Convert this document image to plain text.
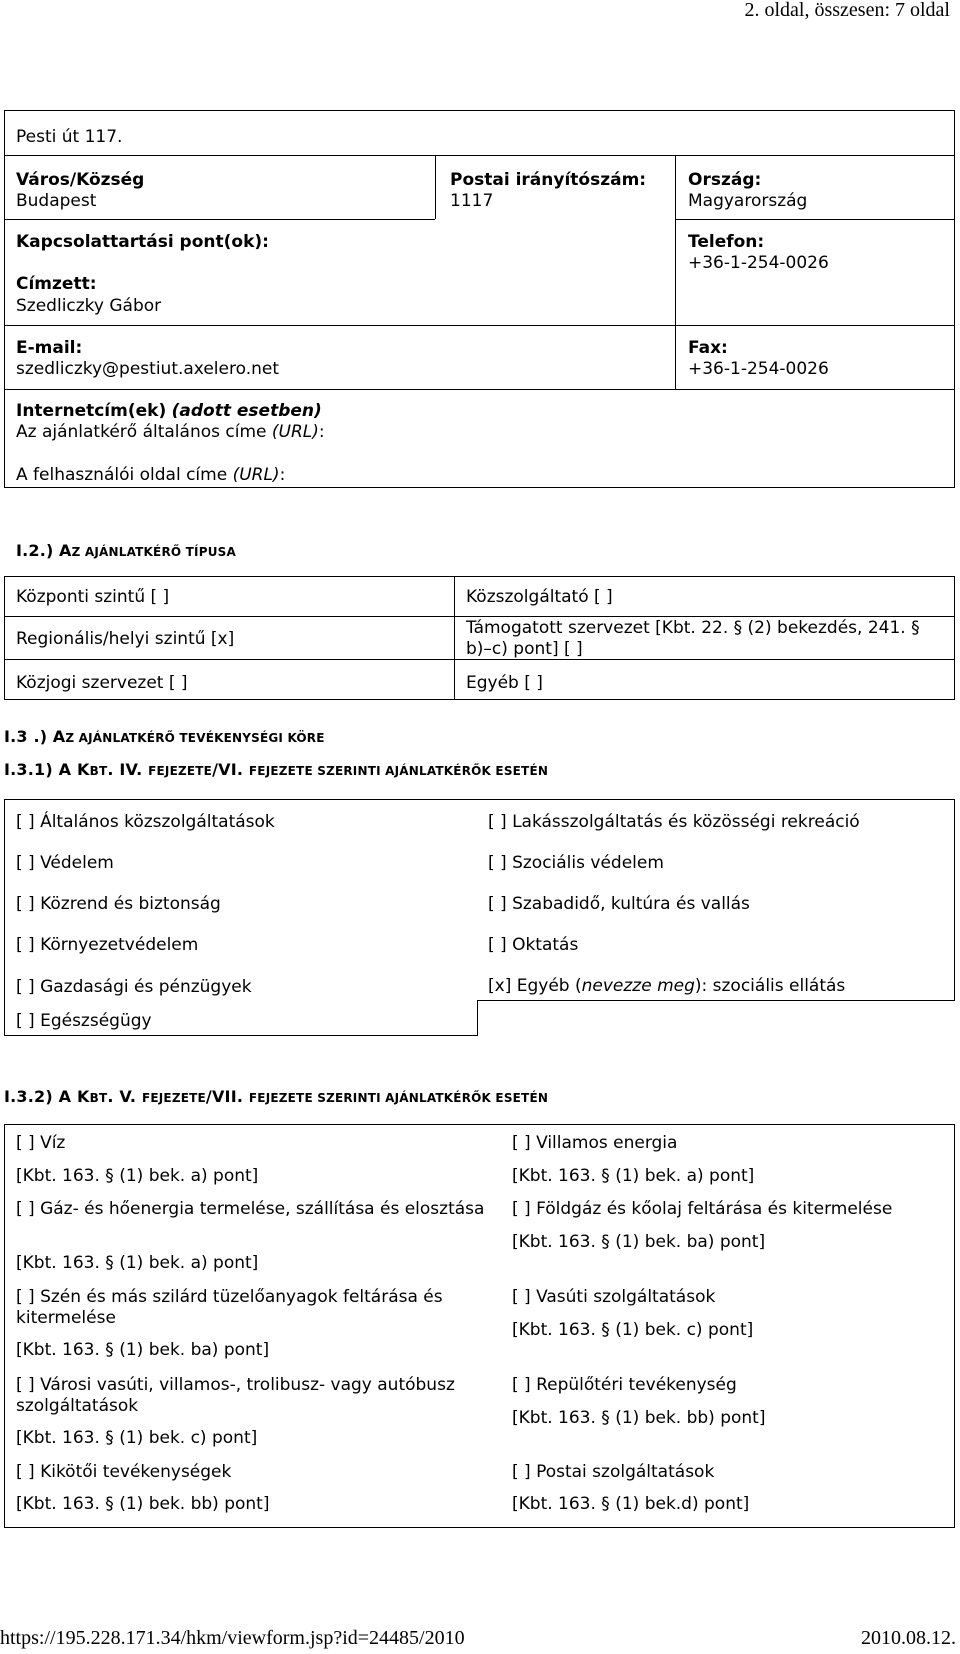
2. oldal, összesen: 7 oldal
Pesti út 117.
Város/Község
Budapest
Postai irányítószám:
1117
Ország:
Magyarország
Kapcsolattartási pont(ok):	Telefon:
+36-1-254-0026
Címzett:
Szedliczky Gábor
E-mail:
szedliczky@pestiut.axelero.net
Fax:
+36-1-254-0026
Internetcím(ek) (adott esetben)
Az ajánlatkérő általános címe (URL):
A felhasználói oldal címe (URL):
I.2.) AZ AJÁNLATKÉRŐ TÍPUSA
Központi szintű [ ]
Regionális/helyi szintű [x]
Közjogi szervezet [ ]
Közszolgáltató [ ]
Támogatott szervezet [Kbt. 22. § (2) bekezdés, 241. § b)–c) pont] [ ]
Egyéb [ ]
I.3 .) AZ AJÁNLATKÉRŐ TEVÉKENYSÉGI KÖRE
I.3.1) A KBT. IV. FEJEZETE/VI. FEJEZETE SZERINTI AJÁNLATKÉRŐK ESETÉN
[ ] Általános közszolgáltatások
[ ] Védelem
[ ] Közrend és biztonság
[ ] Környezetvédelem
[ ] Gazdasági és pénzügyek
[ ] Egészségügy
[ ] Lakásszolgáltatás és közösségi rekreáció
[ ] Szociális védelem
[ ] Szabadidő, kultúra és vallás
[ ] Oktatás
[x] Egyéb (nevezze meg): szociális ellátás
I.3.2) A KBT. V. FEJEZETE/VII. FEJEZETE SZERINTI AJÁNLATKÉRŐK ESETÉN
[ ] Víz
[Kbt. 163. § (1) bek. a) pont]
[ ] Gáz- és hőenergia termelése, szállítása és elosztása
[Kbt. 163. § (1) bek. a) pont]
[ ] Szén és más szilárd tüzelőanyagok feltárása és kitermelése
[Kbt. 163. § (1) bek. ba) pont]
[ ] Városi vasúti, villamos-, trolibusz- vagy autóbusz szolgáltatások
[Kbt. 163. § (1) bek. c) pont]
[ ] Kikötői tevékenységek
[Kbt. 163. § (1) bek. bb) pont]
[ ] Villamos energia
[Kbt. 163. § (1) bek. a) pont]
[ ] Földgáz és kőolaj feltárása és kitermelése
[Kbt. 163. § (1) bek. ba) pont]
[ ] Vasúti szolgáltatások
[Kbt. 163. § (1) bek. c) pont]
[ ] Repülőtéri tevékenység
[Kbt. 163. § (1) bek. bb) pont]
[ ] Postai szolgáltatások
[Kbt. 163. § (1) bek.d) pont]
https://195.228.171.34/hkm/viewform.jsp?id=24485/2010	2010.08.12.
